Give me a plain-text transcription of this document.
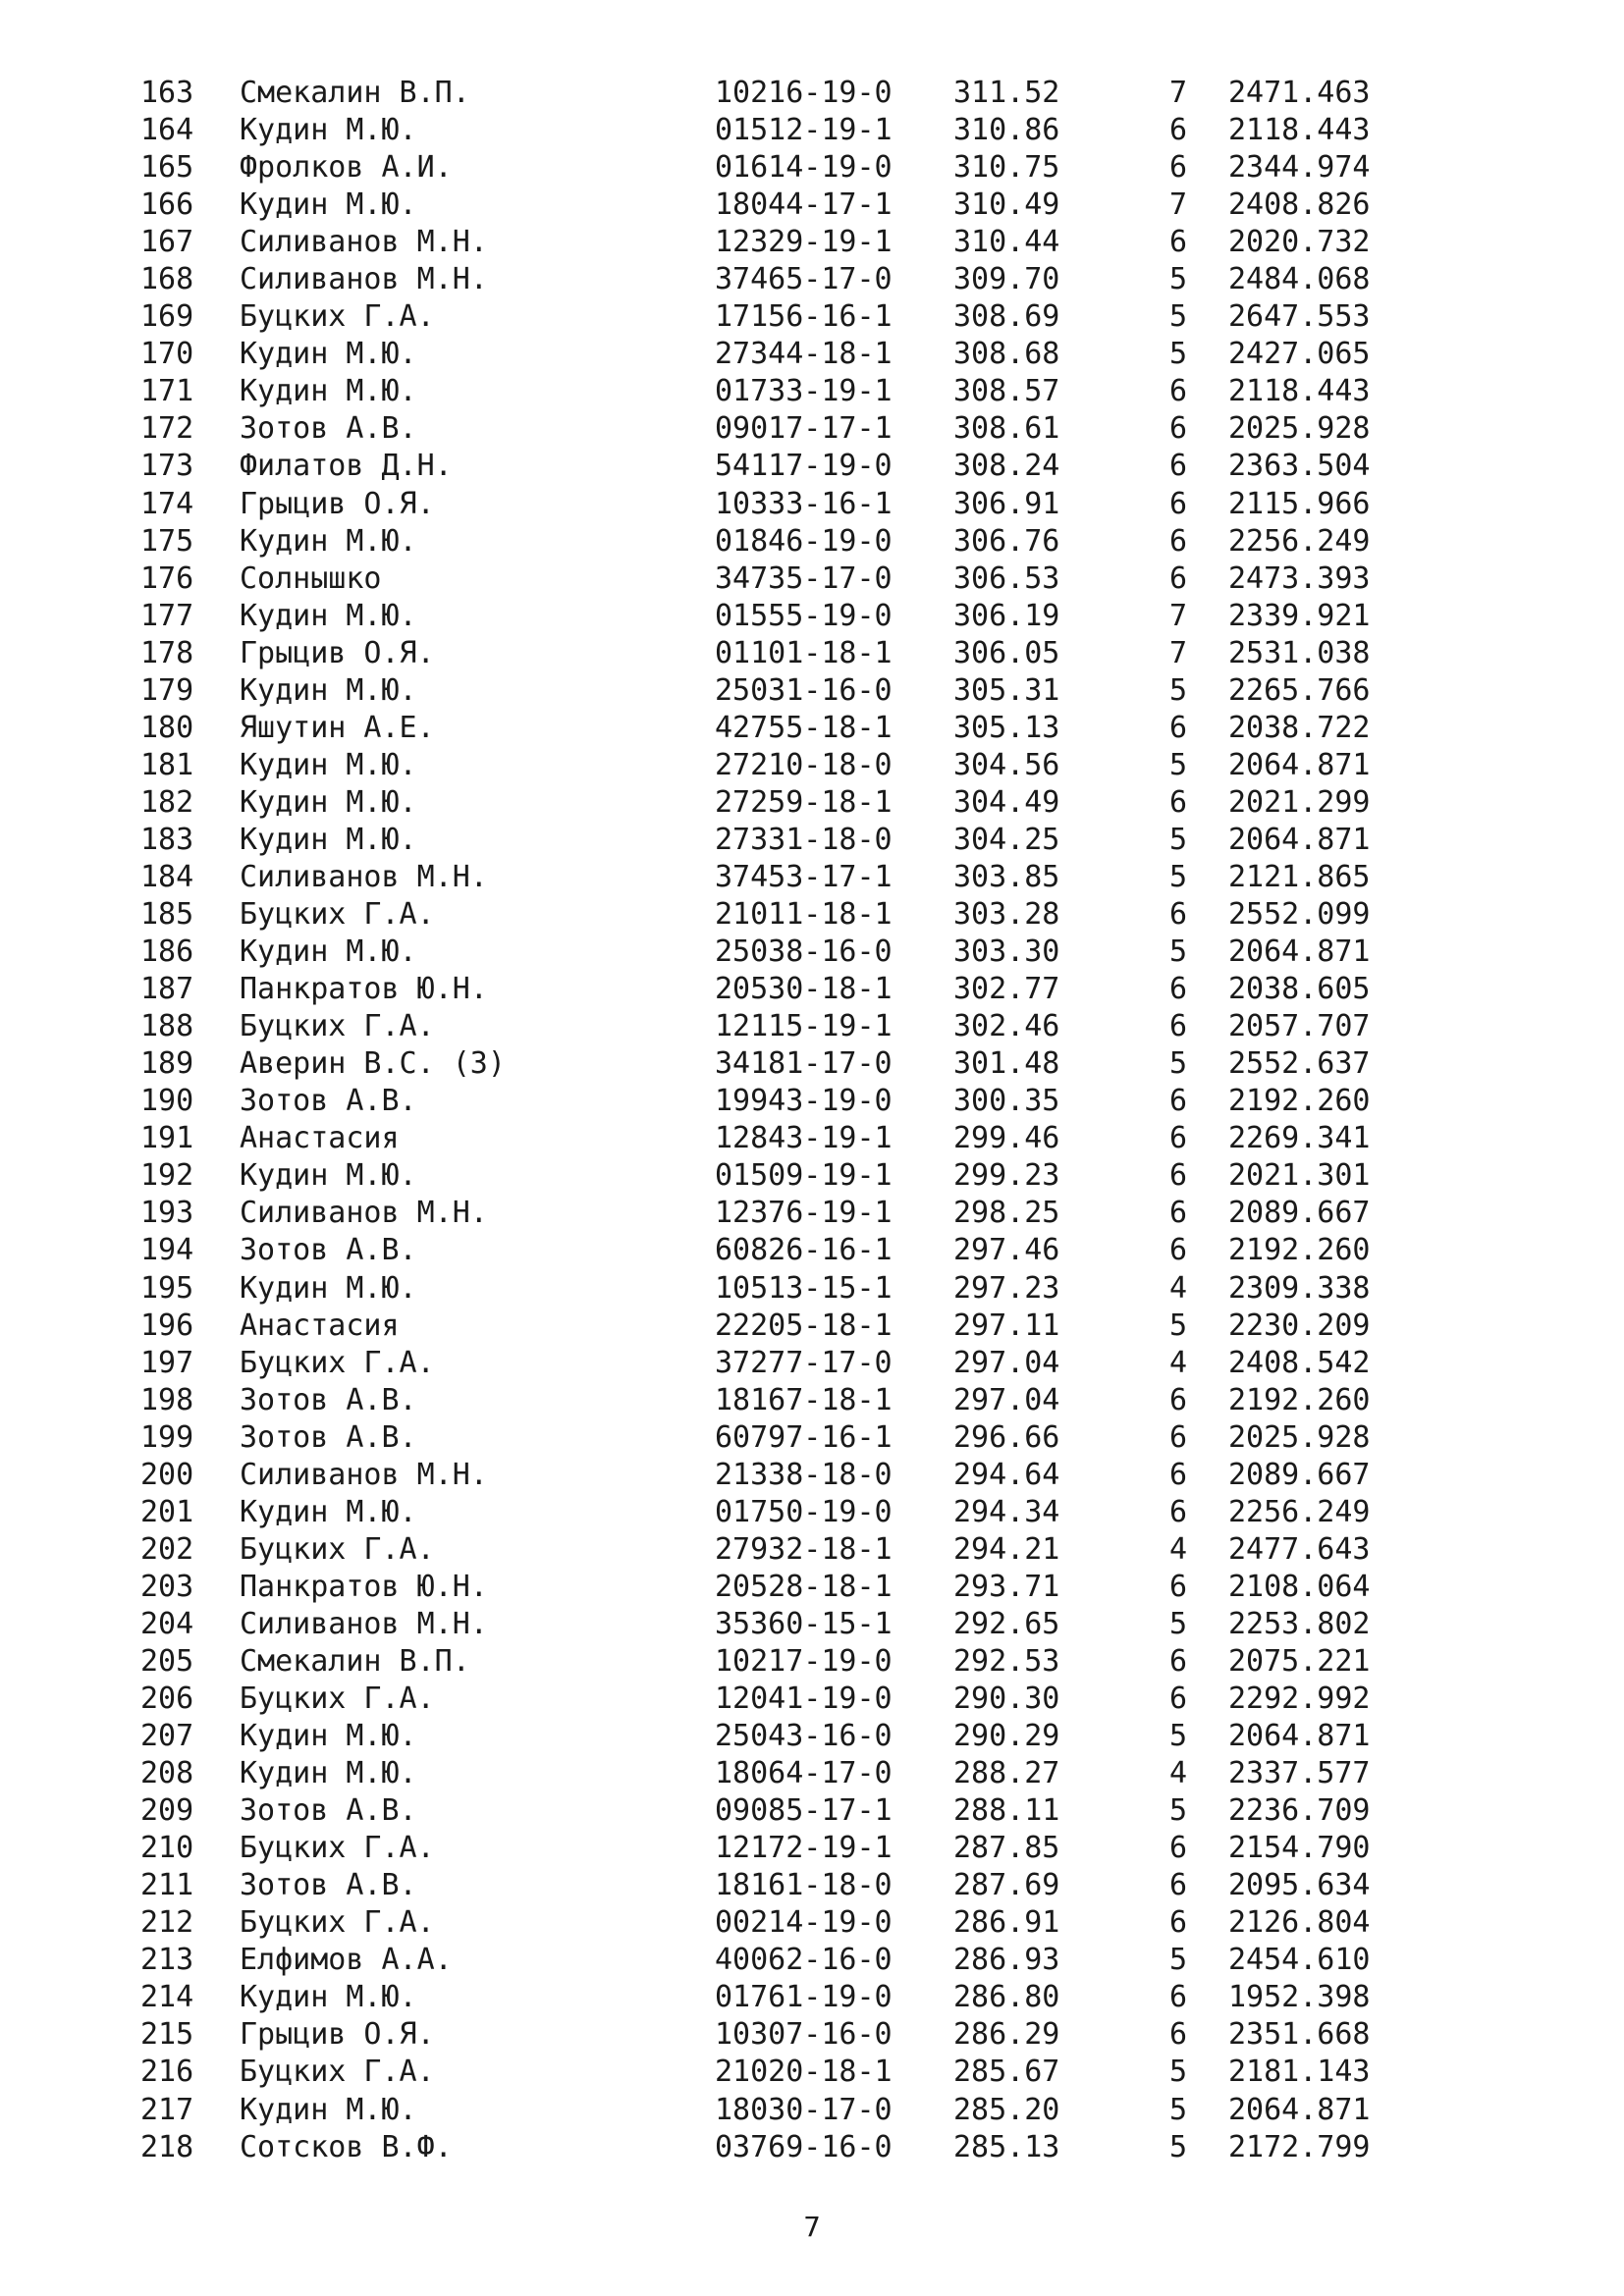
163 Смекалин В.П.	10216-19-0 311.52	7 2471.463
164 Кудин М.Ю.	01512-19-1 310.86	6 2118.443
165 Фролков А.И.	01614-19-0 310.75	6 2344.974
166 Кудин М.Ю.	18044-17-1 310.49	7 2408.826
167 Силиванов М.Н.	12329-19-1 310.44	6 2020.732
168 Силиванов М.Н.	37465-17-0 309.70	5 2484.068
169 Буцких Г.А.	17156-16-1 308.69	5 2647.553
170 Кудин М.Ю.	27344-18-1 308.68	5 2427.065
171 Кудин М.Ю.	01733-19-1 308.57	6 2118.443
172 Зотов А.В.	09017-17-1 308.61	6 2025.928
173 Филатов Д.Н.	54117-19-0 308.24	6 2363.504
174 Грыцив О.Я.	10333-16-1 306.91	6 2115.966
175 Кудин М.Ю.	01846-19-0 306.76	6 2256.249
176 Солнышко	34735-17-0 306.53	6 2473.393
177 Кудин М.Ю.	01555-19-0 306.19	7 2339.921
178 Грыцив О.Я.	01101-18-1 306.05	7 2531.038
179 Кудин М.Ю.	25031-16-0 305.31	5 2265.766
180 Яшутин А.Е.	42755-18-1 305.13	6 2038.722
181 Кудин М.Ю.	27210-18-0 304.56	5 2064.871
182 Кудин М.Ю.	27259-18-1 304.49	6 2021.299
183 Кудин М.Ю.	27331-18-0 304.25	5 2064.871
184 Силиванов М.Н.	37453-17-1 303.85	5 2121.865
185 Буцких Г.А.	21011-18-1 303.28	6 2552.099
186 Кудин М.Ю.	25038-16-0 303.30	5 2064.871
187 Панкратов Ю.Н.	20530-18-1 302.77	6 2038.605
188 Буцких Г.А.	12115-19-1 302.46	6 2057.707
189 Аверин В.С. (З)	34181-17-0 301.48	5 2552.637
190 Зотов А.В.	19943-19-0 300.35	6 2192.260
191 Анастасия	12843-19-1 299.46	6 2269.341
192 Кудин М.Ю.	01509-19-1 299.23	6 2021.301
193 Силиванов М.Н.	12376-19-1 298.25	6 2089.667
194 Зотов А.В.	60826-16-1 297.46	6 2192.260
195 Кудин М.Ю.	10513-15-1 297.23	4 2309.338
196 Анастасия	22205-18-1 297.11	5 2230.209
197 Буцких Г.А.	37277-17-0 297.04	4 2408.542
198 Зотов А.В.	18167-18-1 297.04	6 2192.260
199 Зотов А.В.	60797-16-1 296.66	6 2025.928
200 Силиванов М.Н.	21338-18-0 294.64	6 2089.667
201 Кудин М.Ю.	01750-19-0 294.34	6 2256.249
202 Буцких Г.А.	27932-18-1 294.21	4 2477.643
203 Панкратов Ю.Н.	20528-18-1 293.71	6 2108.064
204 Силиванов М.Н.	35360-15-1 292.65	5 2253.802
205 Смекалин В.П.	10217-19-0 292.53	6 2075.221
206 Буцких Г.А.	12041-19-0 290.30	6 2292.992
207 Кудин М.Ю.	25043-16-0 290.29	5 2064.871
208 Кудин М.Ю.	18064-17-0 288.27	4 2337.577
209 Зотов А.В.	09085-17-1 288.11	5 2236.709
210 Буцких Г.А.	12172-19-1 287.85	6 2154.790
211 Зотов А.В.	18161-18-0 287.69	6 2095.634
212 Буцких Г.А.	00214-19-0 286.91	6 2126.804
213 Елфимов А.А.	40062-16-0 286.93	5 2454.610
214 Кудин М.Ю.	01761-19-0 286.80	6 1952.398
215 Грыцив О.Я.	10307-16-0 286.29	6 2351.668
216 Буцких Г.А.	21020-18-1 285.67	5 2181.143
217 Кудин М.Ю.	18030-17-0 285.20	5 2064.871
218 Сотсков В.Ф.	03769-16-0 285.13	5 2172.799
7
